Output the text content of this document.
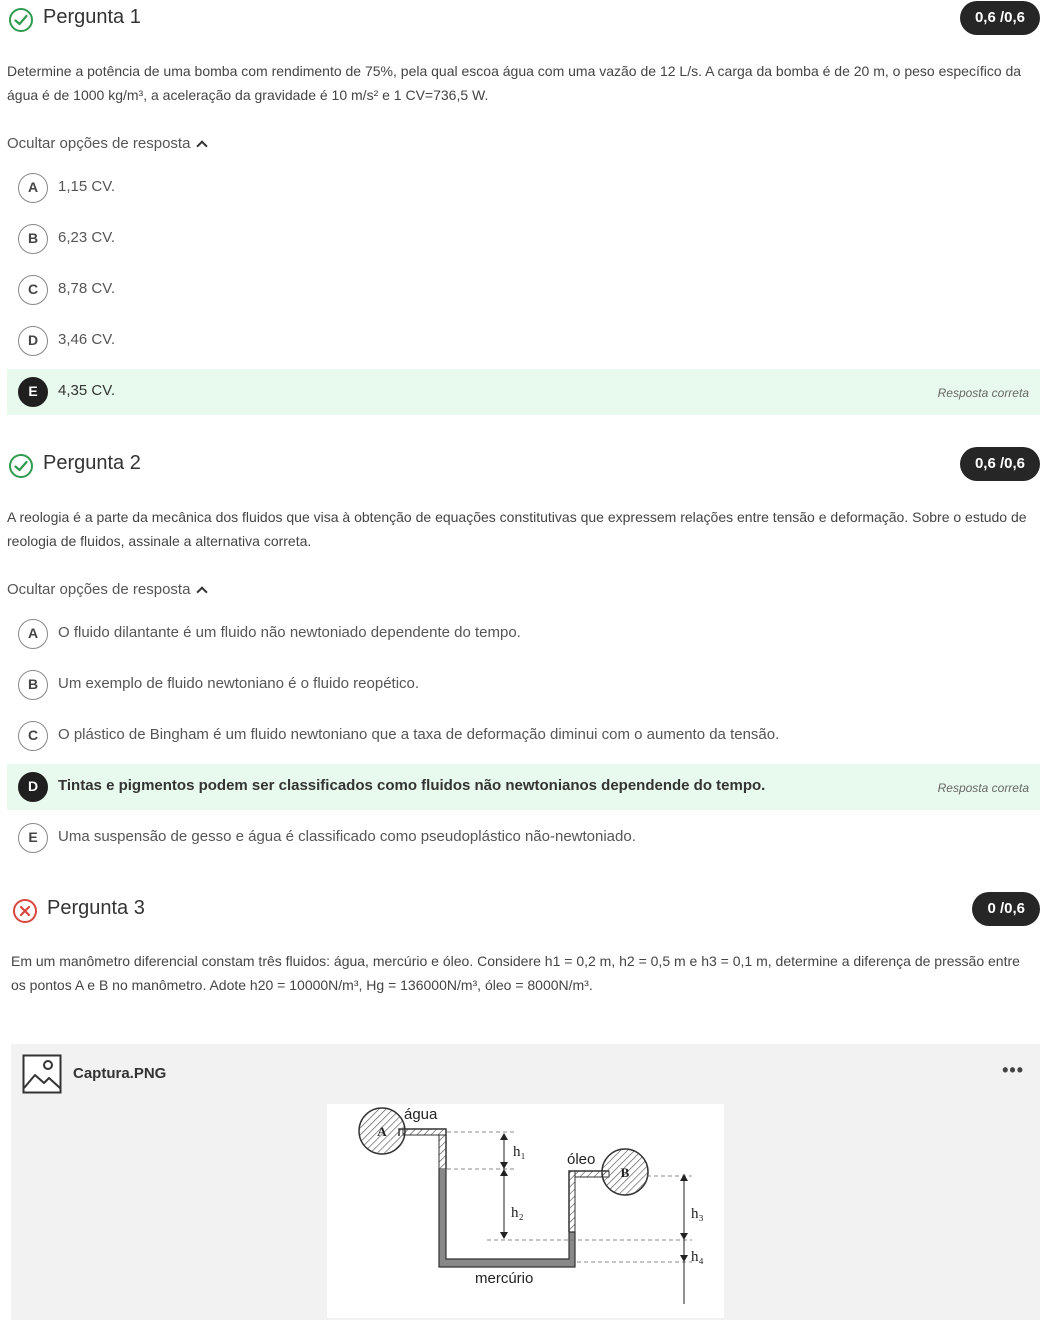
Pergunta 1	0,6 /0,6

Determine a potência de uma bomba com rendimento de 75%, pela qual escoa água com uma vazão de 12 L/s. A carga da bomba é de 20 m, o peso específico da água é de 1000 kg/m³, a aceleração da gravidade é 10 m/s² e 1 CV=736,5 W.

Ocultar opções de resposta
A	1,15 CV.
B	6,23 CV.
C	8,78 CV.
D	3,46 CV.
E	4,35 CV.	Resposta correta
Pergunta 2	0,6 /0,6

A reologia é a parte da mecânica dos fluidos que visa à obtenção de equações constitutivas que expressem relações entre tensão e deformação. Sobre o estudo de reologia de fluidos, assinale a alternativa correta.

Ocultar opções de resposta
A	O fluido dilantante é um fluido não newtoniado dependente do tempo.
B	Um exemplo de fluido newtoniano é o fluido reopético.
C	O plástico de Bingham é um fluido newtoniano que a taxa de deformação diminui com o aumento da tensão.
D	Tintas e pigmentos podem ser classificados como fluidos não newtonianos dependende do tempo.	Resposta correta
E	Uma suspensão de gesso e água é classificado como pseudoplástico não-newtoniado.
Pergunta 3	0 /0,6

Em um manômetro diferencial constam três fluidos: água, mercúrio e óleo. Considere h1 = 0,2 m, h2 = 0,5 m e h3 = 0,1 m, determine a diferença de pressão entre os pontos A e B no manômetro. Adote h20 = 10000N/m³, Hg = 136000N/m³, óleo = 8000N/m³.

Captura.PNG	•••
A
B
água
óleo
mercúrio
h₁
h₂	h₃
h₄
